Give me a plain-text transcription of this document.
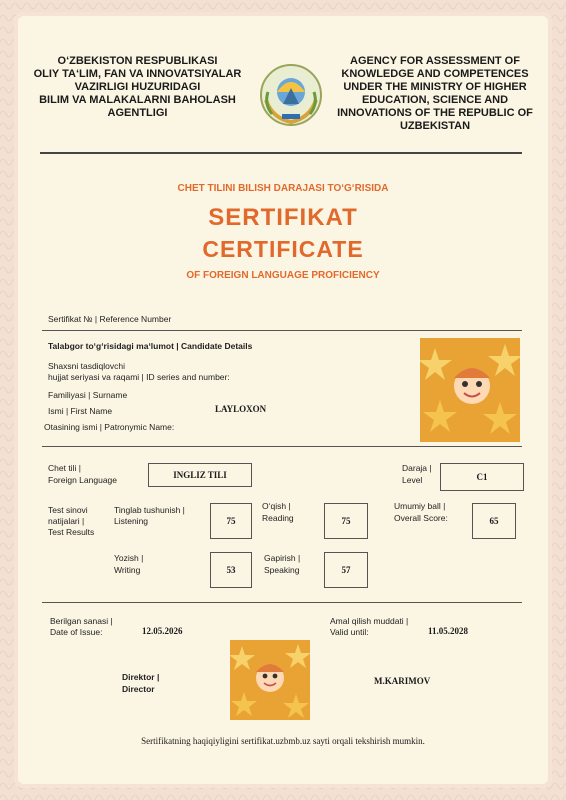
O‘ZBEKISTON RESPUBLIKASI
OLIY TA‘LIM, FAN VA INNOVATSIYALAR
VAZIRLIGI HUZURIDAGI
BILIM VA MALAKALARNI BAHOLASH
AGENTLIGI
AGENCY FOR ASSESSMENT OF
KNOWLEDGE AND COMPETENCES
UNDER THE MINISTRY OF HIGHER
EDUCATION, SCIENCE AND
INNOVATIONS OF THE REPUBLIC OF
UZBEKISTAN
CHET TILINI BILISH DARAJASI TO‘G‘RISIDA
SERTIFIKAT
CERTIFICATE
OF FOREIGN LANGUAGE PROFICIENCY
Sertifikat № | Reference Number
Talabgor to‘g‘risidagi ma‘lumot | Candidate Details
Shaxsni tasdiqlovchi
hujjat seriyasi va raqami | ID series and number:
Familiyasi | Surname
Ismi | First Name	LAYLOXON
Otasining ismi | Patronymic Name:
Chet tili |
Foreign Language	INGLIZ TILI
Daraja |
Level	C1
Test sinovi
natijalari |
Test Results
Tinglab tushunish |
Listening	75
O‘qish |
Reading	75
Umumiy ball |
Overall Score:	65
Yozish |
Writing	53
Gapirish |
Speaking	57
Berilgan sanasi |
Date of Issue:	12.05.2026
Amal qilish muddati |
Valid until:	11.05.2028
Direktor |
Director
M.KARIMOV
Sertifikatning haqiqiyligini sertifikat.uzbmb.uz sayti orqali tekshirish mumkin.
